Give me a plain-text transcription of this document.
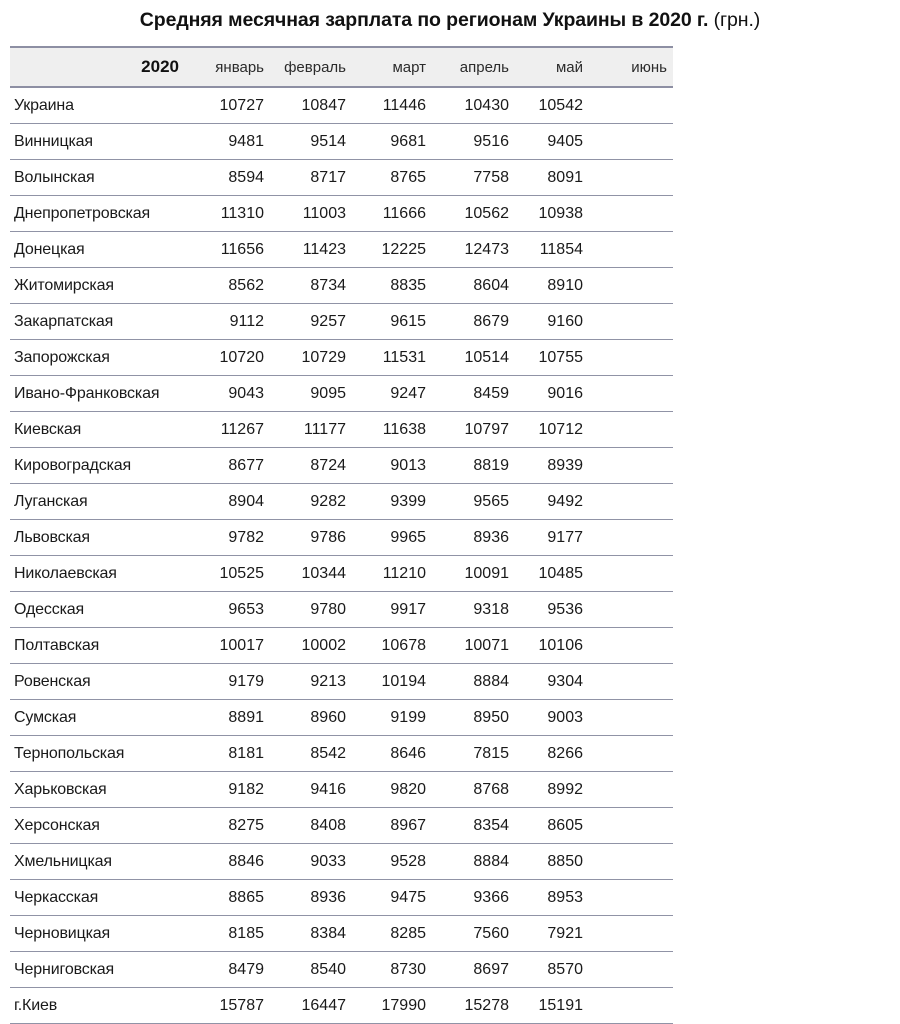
Средняя месячная зарплата по регионам Украины в 2020 г. (грн.)
2020	январь	февраль	март	апрель	май	июнь
Украина	10727	10847	11446	10430	10542	
Винницкая	9481	9514	9681	9516	9405	
Волынская	8594	8717	8765	7758	8091	
Днепропетровская	11310	11003	11666	10562	10938	
Донецкая	11656	11423	12225	12473	11854	
Житомирская	8562	8734	8835	8604	8910	
Закарпатская	9112	9257	9615	8679	9160	
Запорожская	10720	10729	11531	10514	10755	
Ивано-Франковская	9043	9095	9247	8459	9016	
Киевская	11267	11177	11638	10797	10712	
Кировоградская	8677	8724	9013	8819	8939	
Луганская	8904	9282	9399	9565	9492	
Львовская	9782	9786	9965	8936	9177	
Николаевская	10525	10344	11210	10091	10485	
Одесская	9653	9780	9917	9318	9536	
Полтавская	10017	10002	10678	10071	10106	
Ровенская	9179	9213	10194	8884	9304	
Сумская	8891	8960	9199	8950	9003	
Тернопольская	8181	8542	8646	7815	8266	
Харьковская	9182	9416	9820	8768	8992	
Херсонская	8275	8408	8967	8354	8605	
Хмельницкая	8846	9033	9528	8884	8850	
Черкасская	8865	8936	9475	9366	8953	
Черновицкая	8185	8384	8285	7560	7921	
Черниговская	8479	8540	8730	8697	8570	
г.Киев	15787	16447	17990	15278	15191	
